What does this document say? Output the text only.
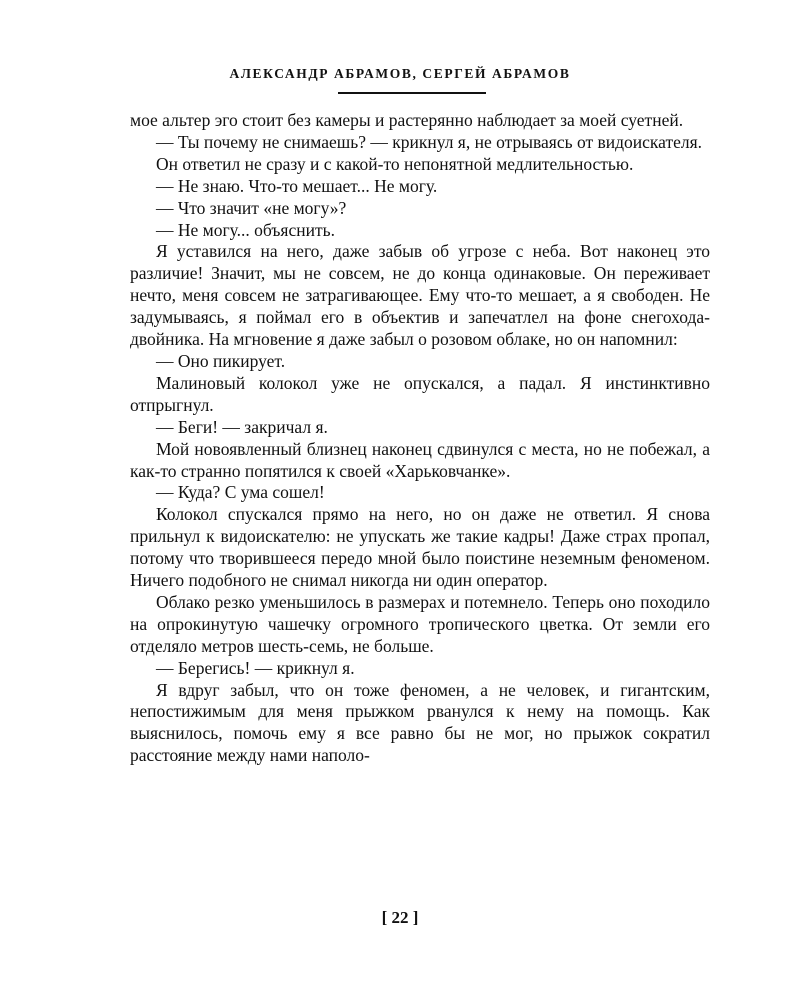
АЛЕКСАНДР АБРАМОВ, СЕРГЕЙ АБРАМОВ

мое альтер эго стоит без камеры и растерянно наблюдает за моей суетней.

— Ты почему не снимаешь? — крикнул я, не отрываясь от видоискателя.

Он ответил не сразу и с какой-то непонятной медлительностью.

— Не знаю. Что-то мешает... Не могу.

— Что значит «не могу»?

— Не могу... объяснить.

Я уставился на него, даже забыв об угрозе с неба. Вот наконец это различие! Значит, мы не совсем, не до конца одинаковые. Он переживает нечто, меня совсем не затрагивающее. Ему что-то мешает, а я свободен. Не задумываясь, я поймал его в объектив и запечатлел на фоне снегохода-двойника. На мгновение я даже забыл о розовом облаке, но он напомнил:

— Оно пикирует.

Малиновый колокол уже не опускался, а падал. Я инстинктивно отпрыгнул.

— Беги! — закричал я.

Мой новоявленный близнец наконец сдвинулся с места, но не побежал, а как-то странно попятился к своей «Харьковчанке».

— Куда? С ума сошел!

Колокол спускался прямо на него, но он даже не ответил. Я снова прильнул к видоискателю: не упускать же такие кадры! Даже страх пропал, потому что творившееся передо мной было поистине неземным феноменом. Ничего подобного не снимал никогда ни один оператор.

Облако резко уменьшилось в размерах и потемнело. Теперь оно походило на опрокинутую чашечку огромного тропического цветка. От земли его отделяло метров шесть-семь, не больше.

— Берегись! — крикнул я.

Я вдруг забыл, что он тоже феномен, а не человек, и гигантским, непостижимым для меня прыжком рванулся к нему на помощь. Как выяснилось, помочь ему я все равно бы не мог, но прыжок сократил расстояние между нами наполо-

[ 22 ]
